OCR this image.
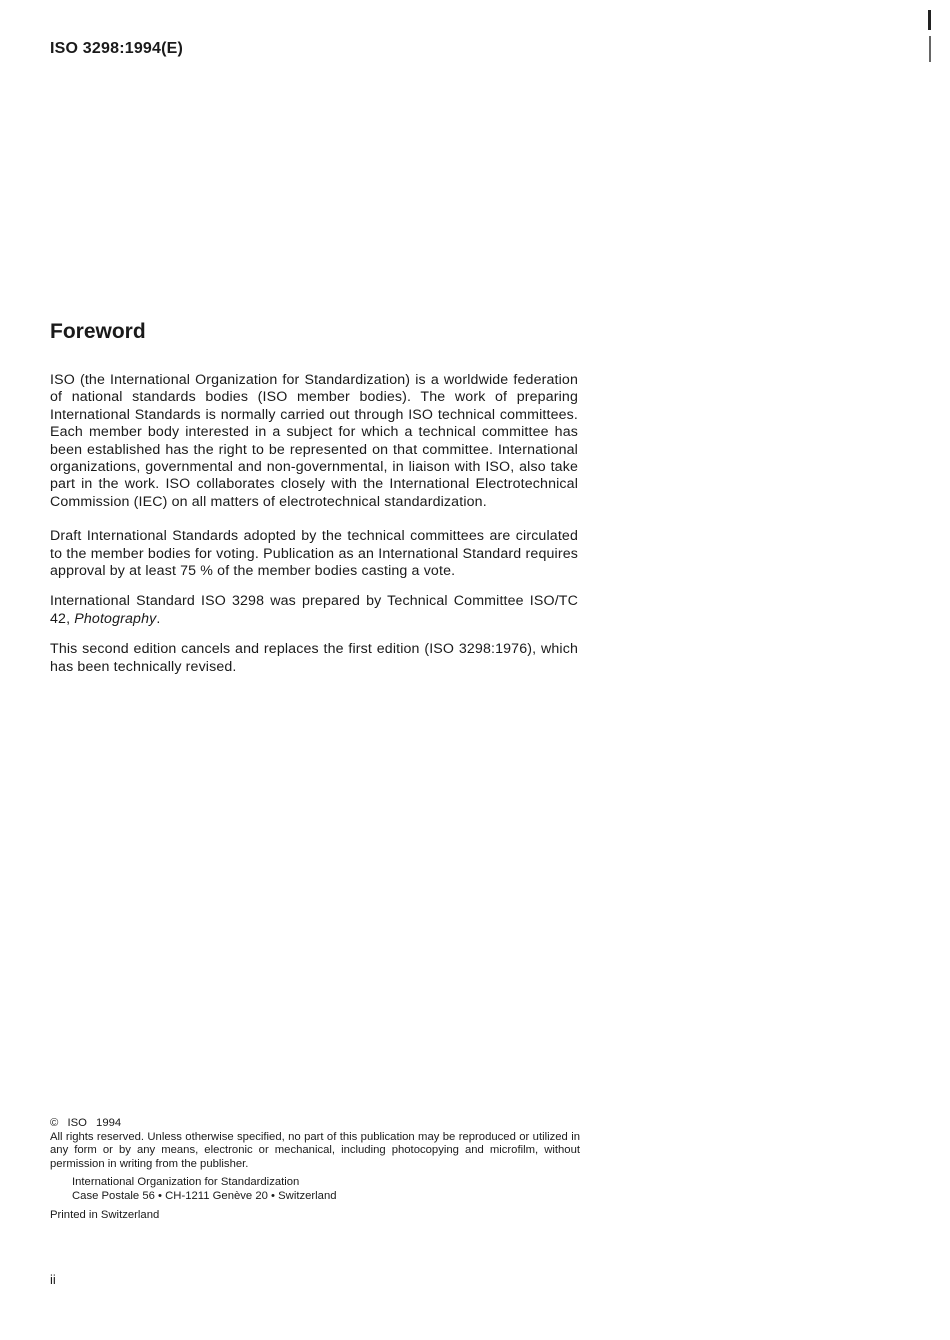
ISO 3298:1994(E)
Foreword

ISO (the International Organization for Standardization) is a worldwide federation of national standards bodies (ISO member bodies). The work of preparing International Standards is normally carried out through ISO technical committees. Each member body interested in a subject for which a technical committee has been established has the right to be represented on that committee. International organizations, governmental and non-governmental, in liaison with ISO, also take part in the work. ISO collaborates closely with the International Electrotechnical Commission (IEC) on all matters of electrotechnical standardization.

Draft International Standards adopted by the technical committees are circulated to the member bodies for voting. Publication as an International Standard requires approval by at least 75 % of the member bodies casting a vote.

International Standard ISO 3298 was prepared by Technical Committee ISO/TC 42, Photography.

This second edition cancels and replaces the first edition (ISO 3298:1976), which has been technically revised.

© ISO 1994

All rights reserved. Unless otherwise specified, no part of this publication may be reproduced or utilized in any form or by any means, electronic or mechanical, including photocopying and microfilm, without permission in writing from the publisher.

International Organization for Standardization
Case Postale 56 • CH-1211 Genève 20 • Switzerland
Printed in Switzerland
ii
